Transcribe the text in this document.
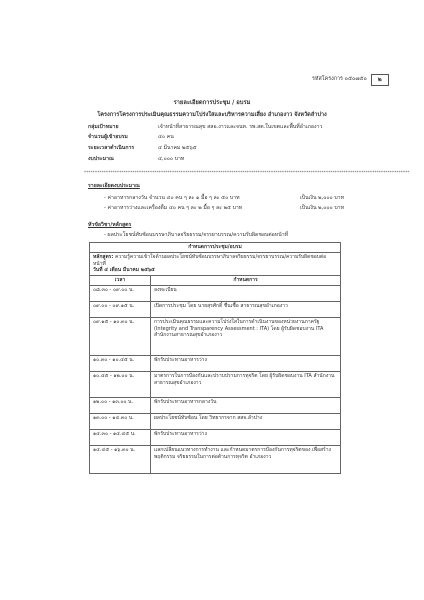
รหัสโครงการ ๐๕๐๗๕๐	๒
รายละเอียดการประชุม / อบรม
โครงการโครงการประเมินคุณธรรมความโปร่งใสและบริหารความเสี่ยง อำเภองาว จังหวัดลำปาง
กลุ่มเป้าหมาย	เจ้าหน้าที่สาธารณสุข สสอ.งาวและจนท. รพ.สต.ในเขตและพื้นที่อำเภองาว
จำนวนผู้เข้าอบรม	๔๐ คน
ระยะเวลาดำเนินการ	๔ มีนาคม ๒๕๖๕
งบประมาณ	๔,๐๐๐ บาท
****************************************************************************************************************************************************
รายละเอียดงบประมาณ
- ค่าอาหารกลางวัน จำนวน ๔๐ คน ๆ ละ ๑ มื้อ ๆ ละ ๕๐ บาท	เป็นเงิน ๒,๐๐๐ บาท
- ค่าอาหารว่างและเครื่องดื่ม ๔๐ คน ๆ ละ ๒ มื้อ ๆ ละ ๒๕ บาท	เป็นเงิน ๒,๐๐๐ บาท
หัวข้อวิชา/หลักสูตร
- ผลประโยชน์ทับซ้อนบรรษาภิบาลจริยธรรม/จรรยาบรรณ/ความรับผิดชอบต่อหน้าที่
กำหนดการประชุม/อบรม	
หลักสูตร: ความรู้ความเข้าใจด้านผลประโยชน์ทับซ้อนบรรษาภิบาลจริยธรรม/จรรยาบรรณ/ความรับผิดชอบต่อหน้าที่
วันที่ ๔ เดือน มีนาคม ๒๕๖๕	
เวลา	กำหนดการ
๐๘.๓๐ - ๐๙.๐๐ น.	ลงทะเบียน
๐๙.๐๐ - ๐๙.๑๕ น.	เปิดการประชุม โดย นายสุรศักดิ์ ชื่นเชื้อ สาธารณสุขอำเภองาว
๐๙.๑๕ - ๑๐.๓๐ น.	การประเมินคุณธรรมและความโปร่งใสในการดำเนินงานของหน่วยงานภาครัฐ (Integrity and Transparency Assessment : ITA) โดย ผู้รับผิดชอบงาน ITA สำนักงานสาธารณสุขอำเภองาว
๑๐.๓๐ - ๑๐.๔๕ น.	พักรับประทานอาหารว่าง
๑๐.๔๕ - ๑๒.๐๐ น.	มาตรการในการป้องกันและปราบปรามการทุจริต โดย ผู้รับผิดชอบงาน ITA สำนักงานสาธารณสุขอำเภองาว
๑๒.๐๐ - ๑๓.๐๐ น.	พักรับประทานอาหารกลางวัน
๑๓.๐๐ - ๑๔.๓๐ น.	ผลประโยชน์ทับซ้อน โดย วิทยากรจาก สสจ.ลำปาง
๑๔.๓๐ - ๑๔.๔๕ น.	พักรับประทานอาหารว่าง
๑๔.๔๕ - ๑๖.๓๐ น.	แลกเปลี่ยนแนวทางการทำงาน และกำหนดมาตรการป้องกันการทุจริตของ เพื่อสร้างพฤติกรรม จริยธรรมในการต่อต้านการทุจริต อำเภองาว
